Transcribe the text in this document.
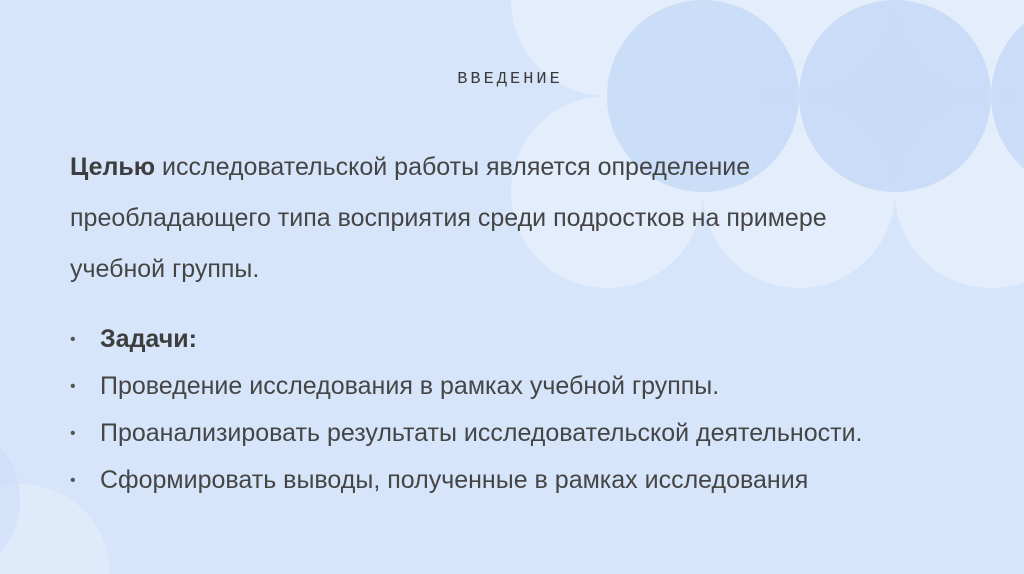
ВВЕДЕНИЕ

Целью исследовательской работы является определение преобладающего типа восприятия среди подростков на примере учебной группы.

• Задачи:
• Проведение исследования в рамках учебной группы.
• Проанализировать результаты исследовательской деятельности.
• Сформировать выводы, полученные в рамках исследования
